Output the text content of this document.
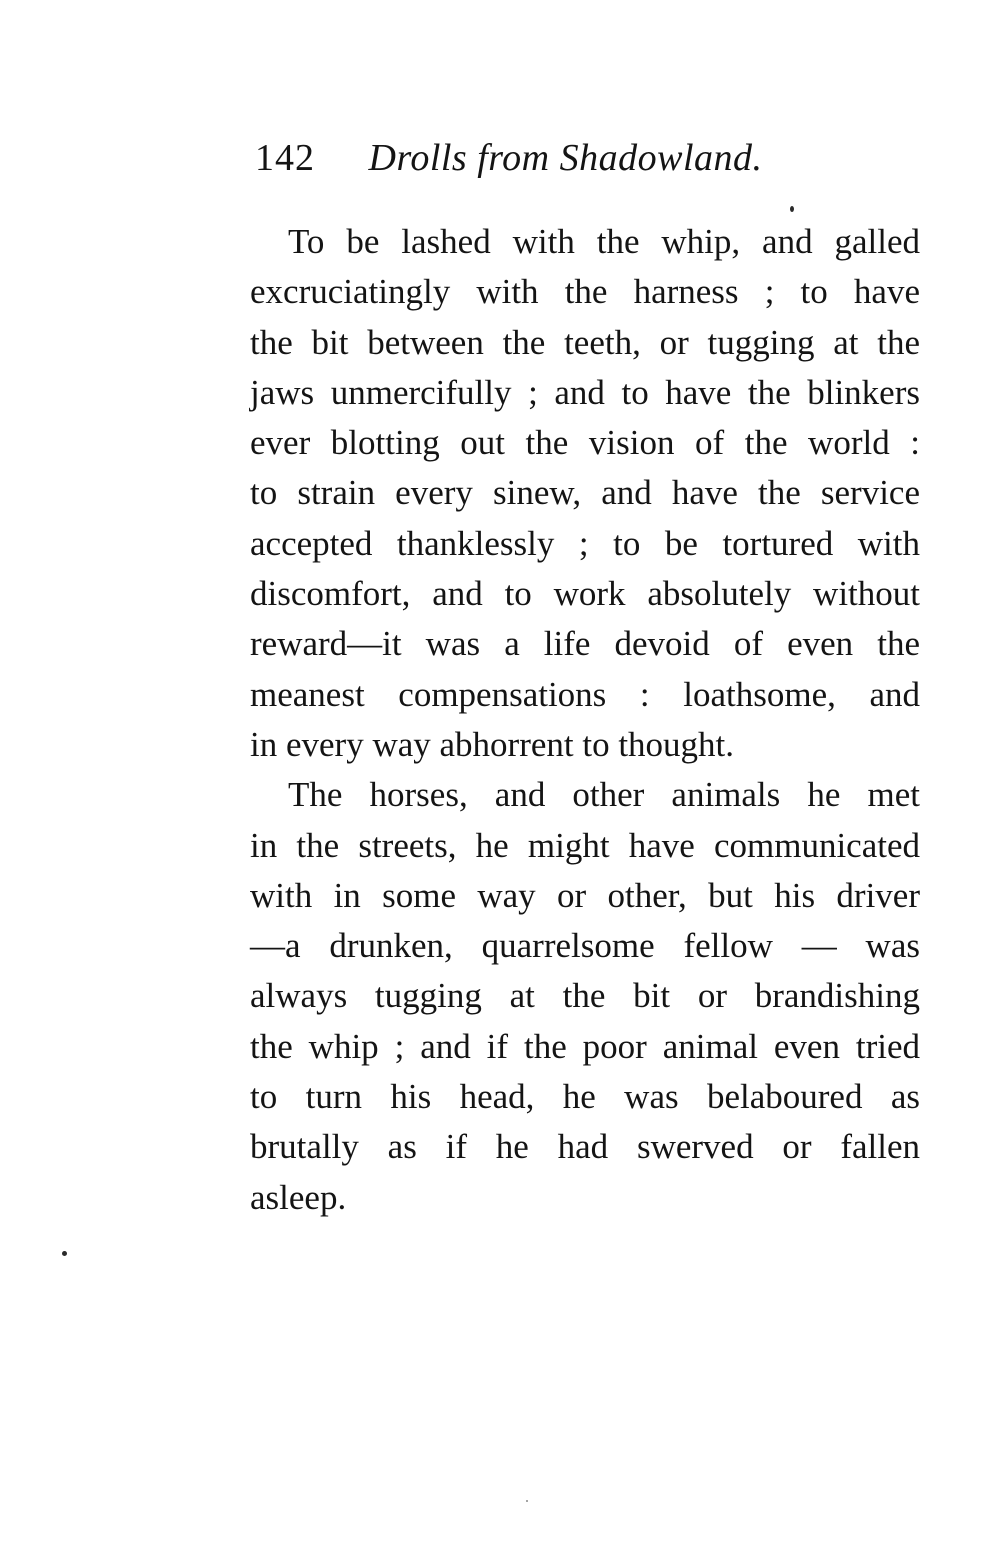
142 Drolls from Shadowland.
To be lashed with the whip, and galled
excruciatingly with the harness ; to have
the bit between the teeth, or tugging at the
jaws unmercifully ; and to have the blinkers
ever blotting out the vision of the world :
to strain every sinew, and have the service
accepted thanklessly ; to be tortured with
discomfort, and to work absolutely without
reward—it was a life devoid of even the
meanest compensations : loathsome, and
in every way abhorrent to thought.
The horses, and other animals he met
in the streets, he might have communicated
with in some way or other, but his driver
—a drunken, quarrelsome fellow — was
always tugging at the bit or brandishing
the whip ; and if the poor animal even tried
to turn his head, he was belaboured as
brutally as if he had swerved or fallen
asleep.
